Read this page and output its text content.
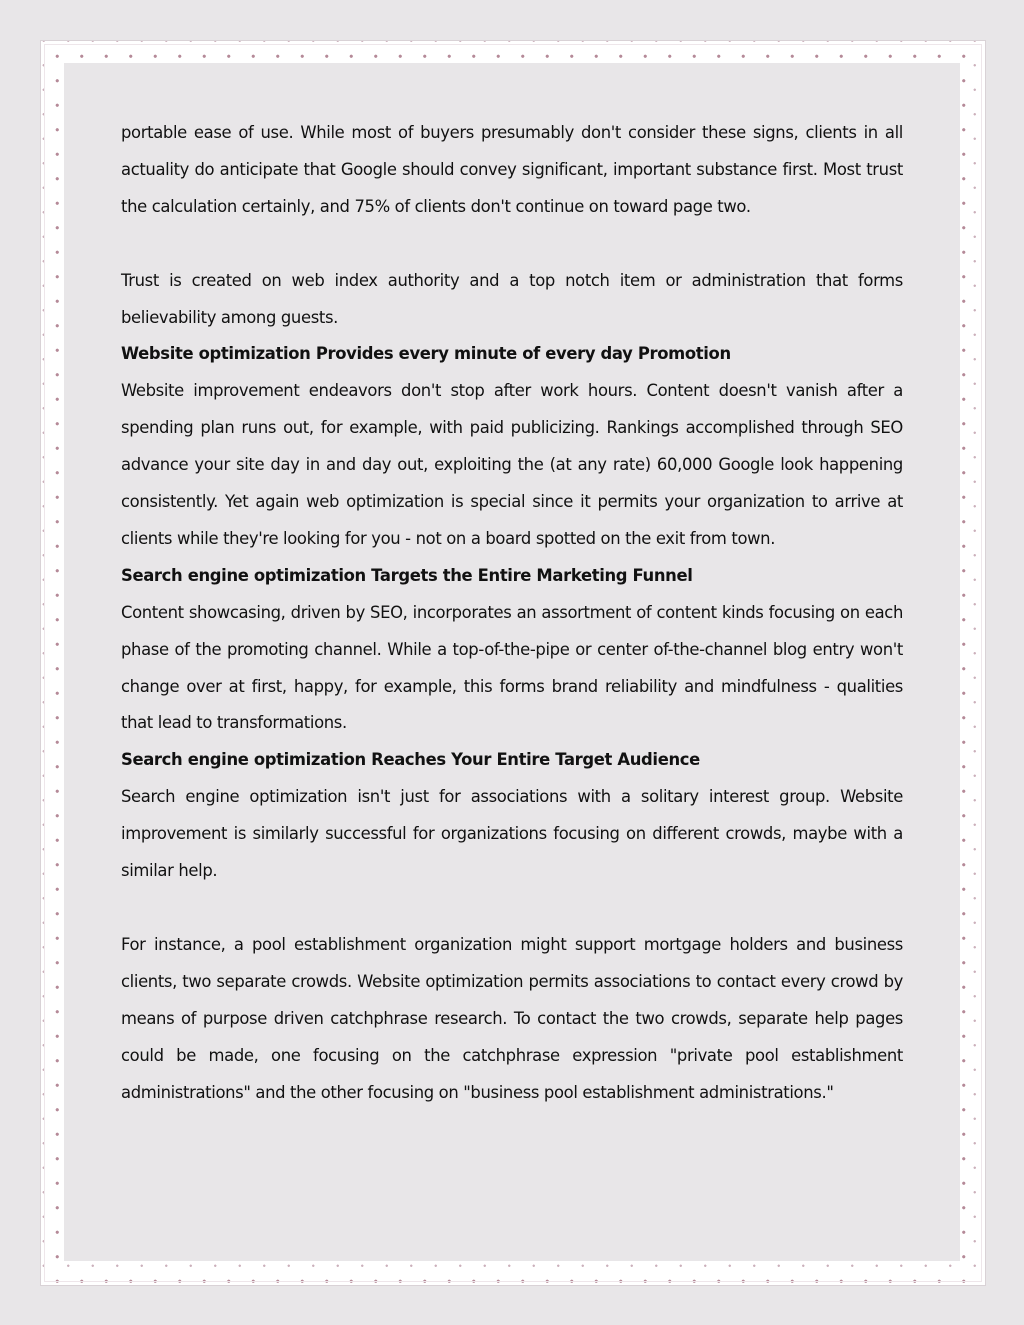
portable ease of use. While most of buyers presumably don't consider these signs, clients in all actuality do anticipate that Google should convey significant, important substance first. Most trust the calculation certainly, and 75% of clients don't continue on toward page two.

Trust is created on web index authority and a top notch item or administration that forms believability among guests.

Website optimization Provides every minute of every day Promotion

Website improvement endeavors don't stop after work hours. Content doesn't vanish after a spending plan runs out, for example, with paid publicizing. Rankings accomplished through SEO advance your site day in and day out, exploiting the (at any rate) 60,000 Google look happening consistently. Yet again web optimization is special since it permits your organization to arrive at clients while they're looking for you - not on a board spotted on the exit from town.

Search engine optimization Targets the Entire Marketing Funnel

Content showcasing, driven by SEO, incorporates an assortment of content kinds focusing on each phase of the promoting channel. While a top-of-the-pipe or center of-the-channel blog entry won't change over at first, happy, for example, this forms brand reliability and mindfulness - qualities that lead to transformations.

Search engine optimization Reaches Your Entire Target Audience

Search engine optimization isn't just for associations with a solitary interest group. Website improvement is similarly successful for organizations focusing on different crowds, maybe with a similar help.

For instance, a pool establishment organization might support mortgage holders and business clients, two separate crowds. Website optimization permits associations to contact every crowd by means of purpose driven catchphrase research. To contact the two crowds, separate help pages could be made, one focusing on the catchphrase expression "private pool establishment administrations" and the other focusing on "business pool establishment administrations."
